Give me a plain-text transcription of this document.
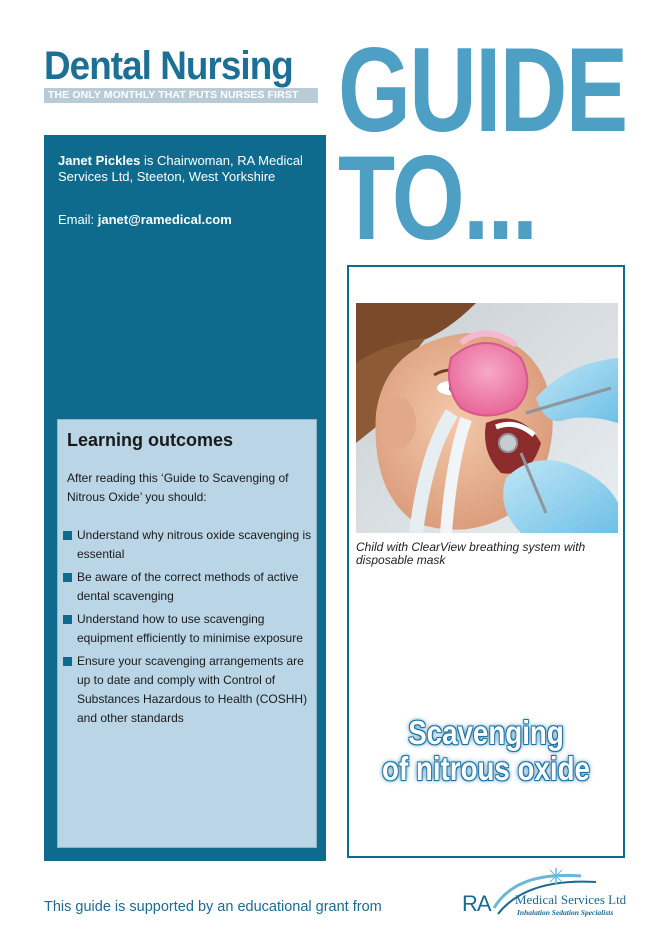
Dental Nursing
THE ONLY MONTHLY THAT PUTS NURSES FIRST GUIDE
TO...
Janet Pickles is Chairwoman, RA Medical Services Ltd, Steeton, West Yorkshire
Email: janet@ramedical.com
Learning outcomes
After reading this ‘Guide to Scavenging of Nitrous Oxide’ you should:
Understand why nitrous oxide scavenging is essential
Be aware of the correct methods of active dental scavenging
Understand how to use scavenging equipment efficiently to minimise exposure
Ensure your scavenging arrangements are up to date and comply with Control of Substances Hazardous to Health (COSHH) and other standards
Child with ClearView breathing system with disposable mask
Scavenging
of nitrous oxide
This guide is supported by an educational grant from	RA Medical Services Ltd
Inhalation Sedation Specialists
